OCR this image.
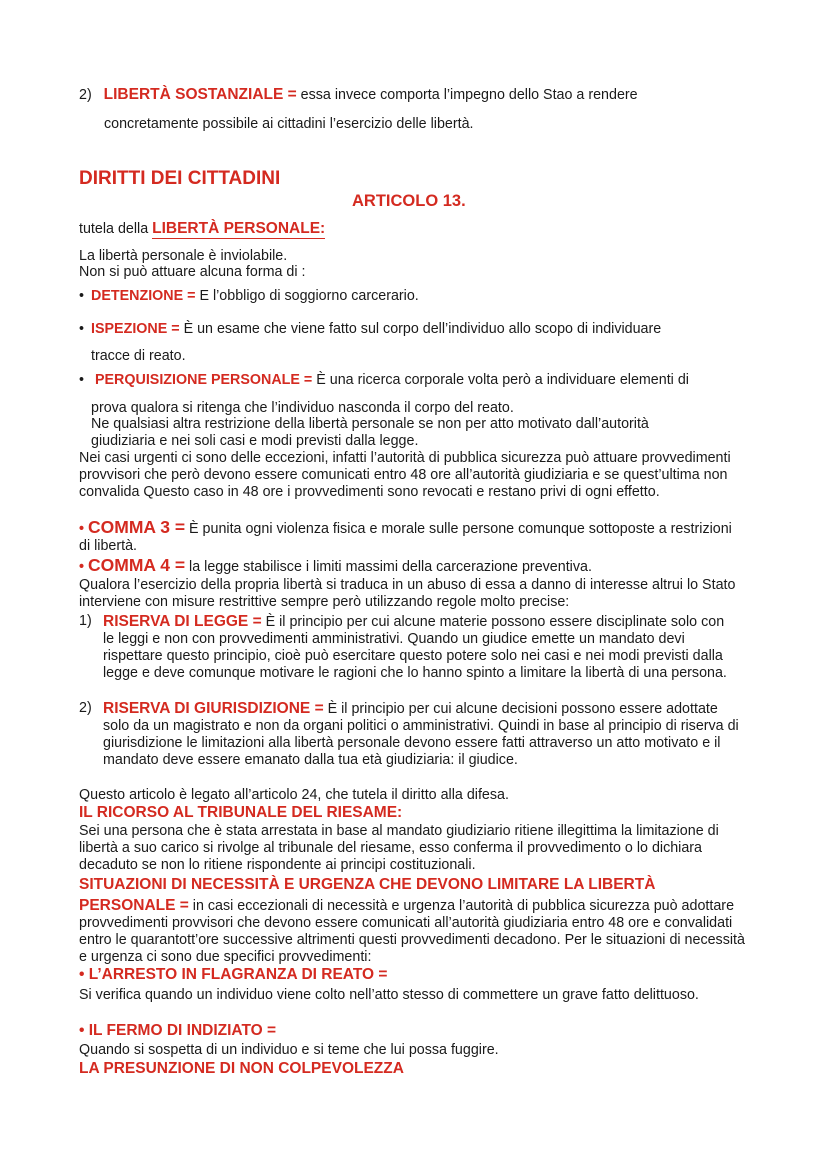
2) LIBERTÀ SOSTANZIALE = essa invece comporta l’impegno dello Stao a rendere
concretamente possibile ai cittadini l’esercizio delle libertà.
DIRITTI DEI CITTADINI
ARTICOLO 13.
tutela della LIBERTÀ PERSONALE:
La libertà personale è inviolabile.
Non si può attuare alcuna forma di :
• DETENZIONE = E l’obbligo di soggiorno carcerario.
• ISPEZIONE = È un esame che viene fatto sul corpo dell’individuo allo scopo di individuare
tracce di reato.
• PERQUISIZIONE PERSONALE = È una ricerca corporale volta però a individuare elementi di
prova qualora si ritenga che l’individuo nasconda il corpo del reato.
Ne qualsiasi altra restrizione della libertà personale se non per atto motivato dall’autorità giudiziaria e nei soli casi e modi previsti dalla legge.
Nei casi urgenti ci sono delle eccezioni, infatti l’autorità di pubblica sicurezza può attuare provvedimenti provvisori che però devono essere comunicati entro 48 ore all’autorità giudiziaria e se quest’ultima non convalida Questo caso in 48 ore i provvedimenti sono revocati e restano privi di ogni effetto.
• COMMA 3 = È punita ogni violenza fisica e morale sulle persone comunque sottoposte a restrizioni di libertà.
• COMMA 4 = la legge stabilisce i limiti massimi della carcerazione preventiva.
Qualora l’esercizio della propria libertà si traduca in un abuso di essa a danno di interesse altrui lo Stato interviene con misure restrittive sempre però utilizzando regole molto precise:
1) RISERVA DI LEGGE = È il principio per cui alcune materie possono essere disciplinate solo con le leggi e non con provvedimenti amministrativi. Quando un giudice emette un mandato devi rispettare questo principio, cioè può esercitare questo potere solo nei casi e nei modi previsti dalla legge e deve comunque motivare le ragioni che lo hanno spinto a limitare la libertà di una persona.
2) RISERVA DI GIURISDIZIONE = È il principio per cui alcune decisioni possono essere adottate solo da un magistrato e non da organi politici o amministrativi. Quindi in base al principio di riserva di giurisdizione le limitazioni alla libertà personale devono essere fatti attraverso un atto motivato e il mandato deve essere emanato dalla tua età giudiziaria: il giudice.
Questo articolo è legato all’articolo 24, che tutela il diritto alla difesa.
IL RICORSO AL TRIBUNALE DEL RIESAME:
Sei una persona che è stata arrestata in base al mandato giudiziario ritiene illegittima la limitazione di libertà a suo carico si rivolge al tribunale del riesame, esso conferma il provvedimento o lo dichiara decaduto se non lo ritiene rispondente ai principi costituzionali.
SITUAZIONI DI NECESSITÀ E URGENZA CHE DEVONO LIMITARE LA LIBERTÀ
PERSONALE = in casi eccezionali di necessità e urgenza l’autorità di pubblica sicurezza può adottare provvedimenti provvisori che devono essere comunicati all’autorità giudiziaria entro 48 ore e convalidati entro le quarantott’ore successive altrimenti questi provvedimenti decadono. Per le situazioni di necessità e urgenza ci sono due specifici provvedimenti:
• L’ARRESTO IN FLAGRANZA DI REATO =
Si verifica quando un individuo viene colto nell’atto stesso di commettere un grave fatto delittuoso.
• IL FERMO DI INDIZIATO =
Quando si sospetta di un individuo e si teme che lui possa fuggire.
LA PRESUNZIONE DI NON COLPEVOLEZZA
